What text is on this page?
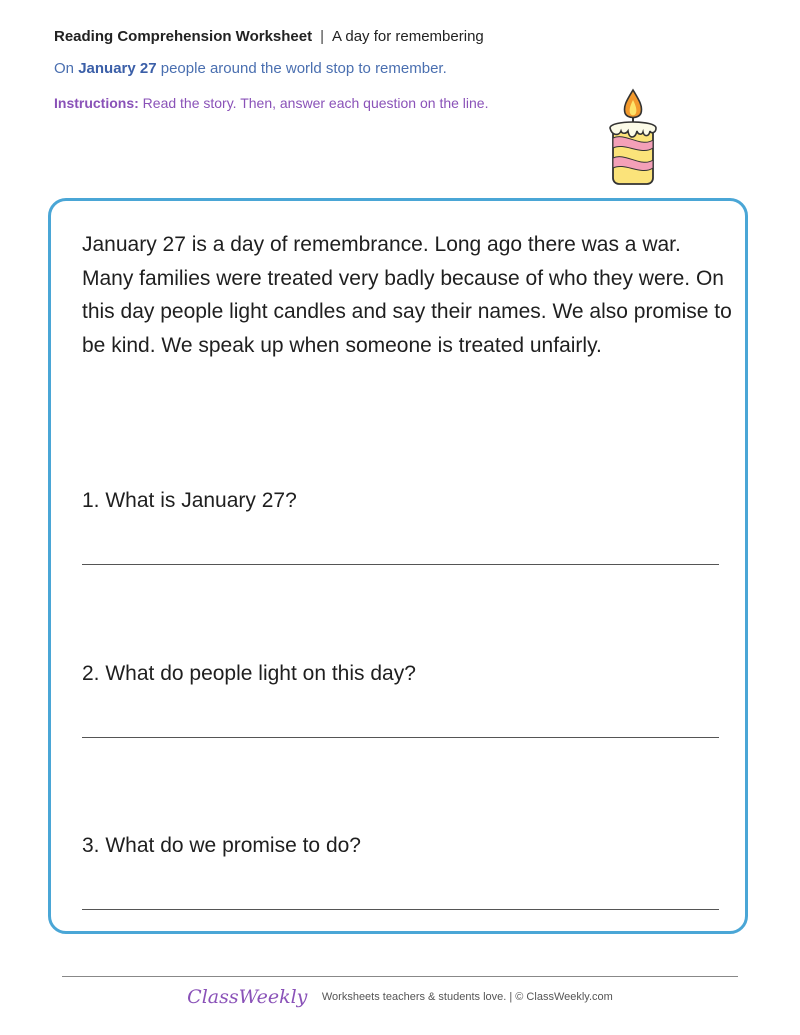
Reading Comprehension Worksheet | A day for remembering
On January 27 people around the world stop to remember.
Instructions: Read the story. Then, answer each question on the line.
January 27 is a day of remembrance. Long ago there was a war. Many families were treated very badly because of who they were. On this day people light candles and say their names. We also promise to be kind. We speak up when someone is treated unfairly.
1. What is January 27?
2. What do people light on this day?
3. What do we promise to do?
ClassWeekly Worksheets teachers & students love. | © ClassWeekly.com
